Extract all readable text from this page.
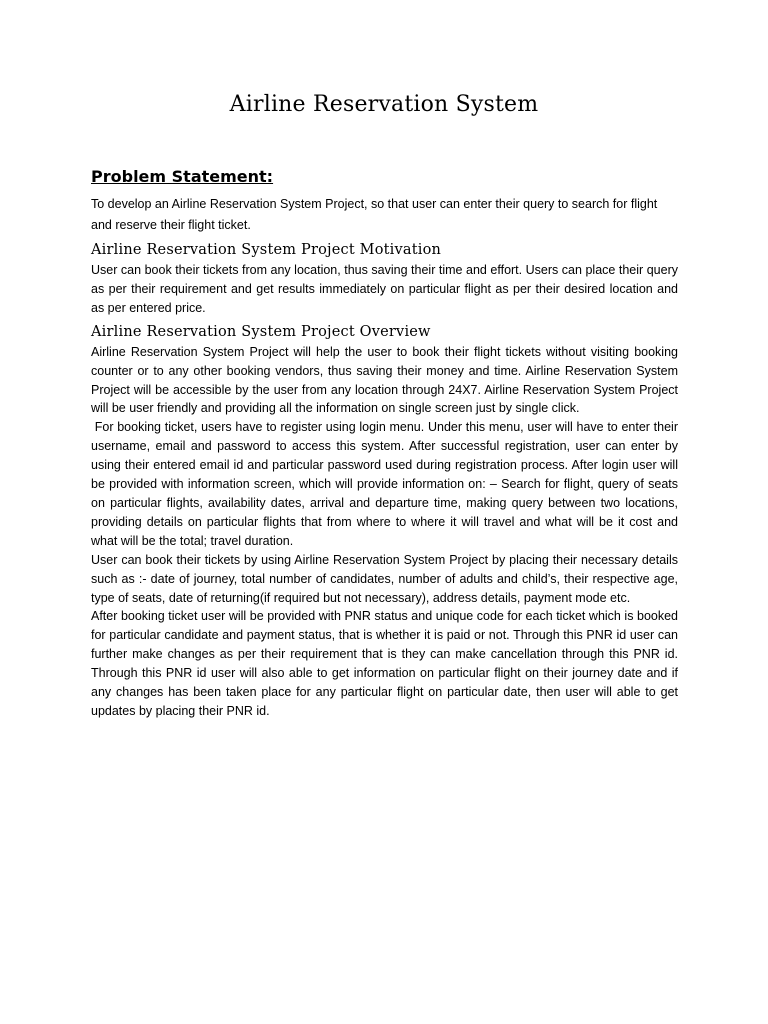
Airline Reservation System
Problem Statement:

To develop an Airline Reservation System Project, so that user can enter their query to search for flight and reserve their flight ticket.

Airline Reservation System Project Motivation

User can book their tickets from any location, thus saving their time and effort. Users can place their query as per their requirement and get results immediately on particular flight as per their desired location and as per entered price.

Airline Reservation System Project Overview

Airline Reservation System Project will help the user to book their flight tickets without visiting booking counter or to any other booking vendors, thus saving their money and time. Airline Reservation System Project will be accessible by the user from any location through 24X7. Airline Reservation System Project will be user friendly and providing all the information on single screen just by single click.

For booking ticket, users have to register using login menu. Under this menu, user will have to enter their username, email and password to access this system. After successful registration, user can enter by using their entered email id and particular password used during registration process. After login user will be provided with information screen, which will provide information on: – Search for flight, query of seats on particular flights, availability dates, arrival and departure time, making query between two locations, providing details on particular flights that from where to where it will travel and what will be it cost and what will be the total; travel duration.

User can book their tickets by using Airline Reservation System Project by placing their necessary details such as :- date of journey, total number of candidates, number of adults and child’s, their respective age, type of seats, date of returning(if required but not necessary), address details, payment mode etc.

After booking ticket user will be provided with PNR status and unique code for each ticket which is booked for particular candidate and payment status, that is whether it is paid or not. Through this PNR id user can further make changes as per their requirement that is they can make cancellation through this PNR id. Through this PNR id user will also able to get information on particular flight on their journey date and if any changes has been taken place for any particular flight on particular date, then user will able to get updates by placing their PNR id.
